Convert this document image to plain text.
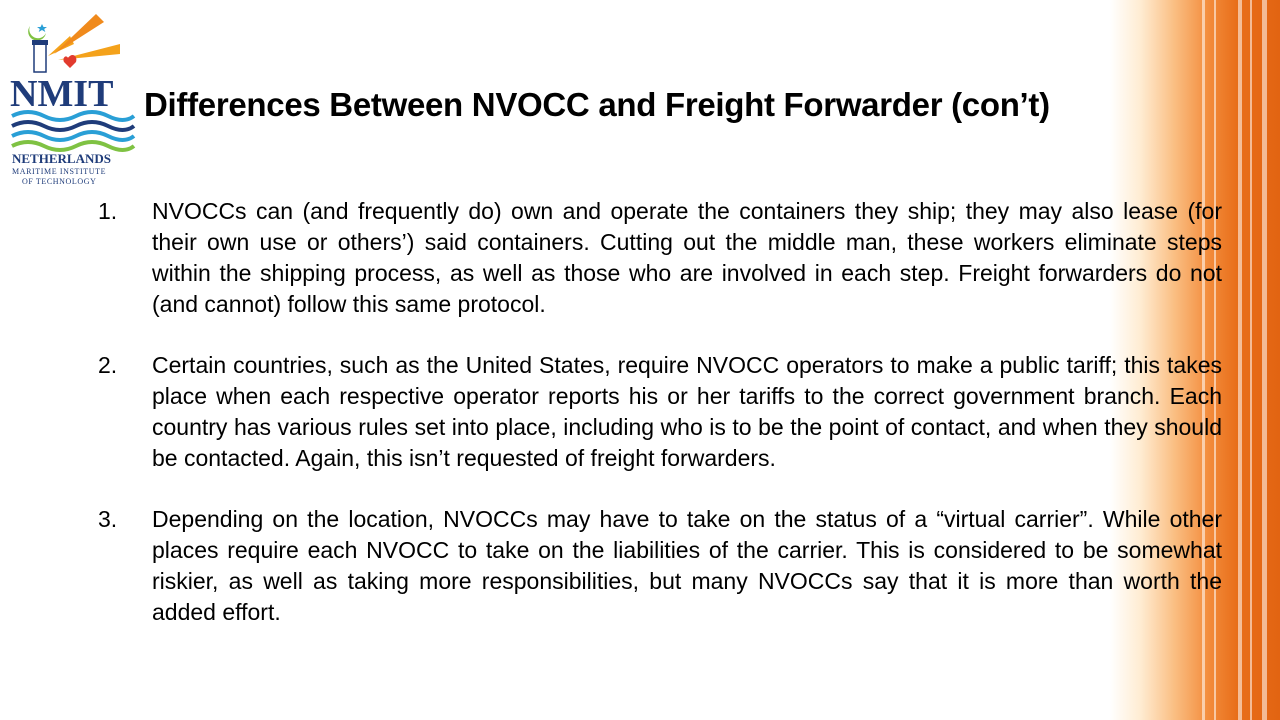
NMIT
NETHERLANDS
MARITIME INSTITUTE
OF TECHNOLOGY
Differences Between NVOCC and Freight Forwarder (con’t)
1.	NVOCCs can (and frequently do) own and operate the containers they ship; they may also lease (for their own use or others’) said containers. Cutting out the middle man, these workers eliminate steps within the shipping process, as well as those who are involved in each step. Freight forwarders do not (and cannot) follow this same protocol.
2.	Certain countries, such as the United States, require NVOCC operators to make a public tariff; this takes place when each respective operator reports his or her tariffs to the correct government branch. Each country has various rules set into place, including who is to be the point of contact, and when they should be contacted. Again, this isn’t requested of freight forwarders.
3.	Depending on the location, NVOCCs may have to take on the status of a “virtual carrier”. While other places require each NVOCC to take on the liabilities of the carrier. This is considered to be somewhat riskier, as well as taking more responsibilities, but many NVOCCs say that it is more than worth the added effort.
